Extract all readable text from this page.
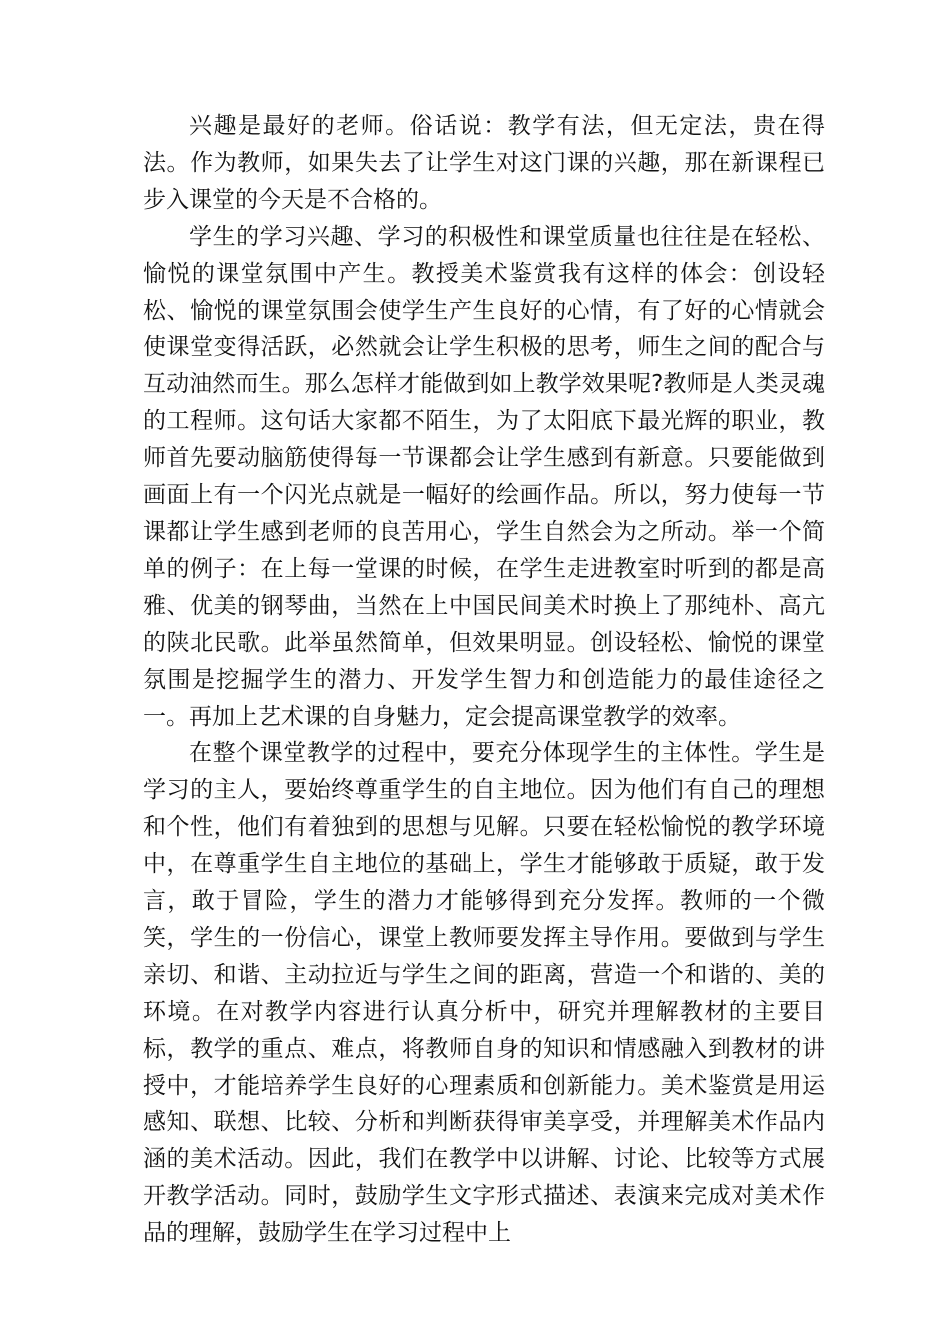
兴趣是最好的老师。俗话说：教学有法，但无定法，贵在得法。作为教师，如果失去了让学生对这门课的兴趣，那在新课程已步入课堂的今天是不合格的。

学生的学习兴趣、学习的积极性和课堂质量也往往是在轻松、愉悦的课堂氛围中产生。教授美术鉴赏我有这样的体会：创设轻松、愉悦的课堂氛围会使学生产生良好的心情，有了好的心情就会使课堂变得活跃，必然就会让学生积极的思考，师生之间的配合与互动油然而生。那么怎样才能做到如上教学效果呢?教师是人类灵魂的工程师。这句话大家都不陌生，为了太阳底下最光辉的职业，教师首先要动脑筋使得每一节课都会让学生感到有新意。只要能做到画面上有一个闪光点就是一幅好的绘画作品。所以，努力使每一节课都让学生感到老师的良苦用心，学生自然会为之所动。举一个简单的例子：在上每一堂课的时候，在学生走进教室时听到的都是高雅、优美的钢琴曲，当然在上中国民间美术时换上了那纯朴、高亢的陕北民歌。此举虽然简单，但效果明显。创设轻松、愉悦的课堂氛围是挖掘学生的潜力、开发学生智力和创造能力的最佳途径之一。再加上艺术课的自身魅力，定会提高课堂教学的效率。

在整个课堂教学的过程中，要充分体现学生的主体性。学生是学习的主人，要始终尊重学生的自主地位。因为他们有自己的理想和个性，他们有着独到的思想与见解。只要在轻松愉悦的教学环境中，在尊重学生自主地位的基础上，学生才能够敢于质疑，敢于发言，敢于冒险，学生的潜力才能够得到充分发挥。教师的一个微笑，学生的一份信心，课堂上教师要发挥主导作用。要做到与学生亲切、和谐、主动拉近与学生之间的距离，营造一个和谐的、美的环境。在对教学内容进行认真分析中，研究并理解教材的主要目标，教学的重点、难点，将教师自身的知识和情感融入到教材的讲授中，才能培养学生良好的心理素质和创新能力。美术鉴赏是用运感知、联想、比较、分析和判断获得审美享受，并理解美术作品内涵的美术活动。因此，我们在教学中以讲解、讨论、比较等方式展开教学活动。同时，鼓励学生文字形式描述、表演来完成对美术作品的理解，鼓励学生在学习过程中上
